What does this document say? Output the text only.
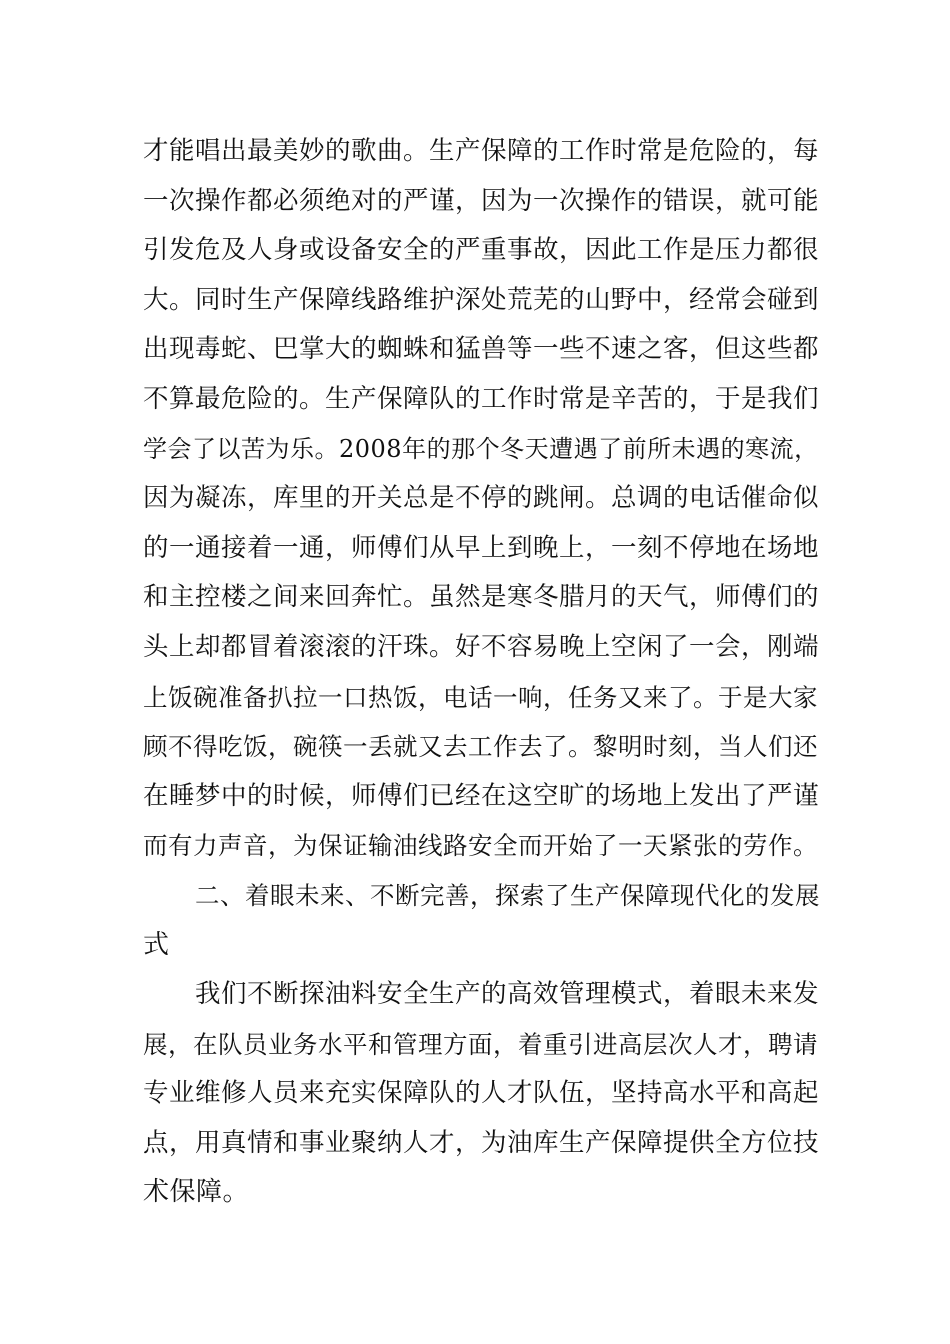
才能唱出最美妙的歌曲。生产保障的工作时常是危险的，每
一次操作都必须绝对的严谨，因为一次操作的错误，就可能
引发危及人身或设备安全的严重事故，因此工作是压力都很
大。同时生产保障线路维护深处荒芜的山野中，经常会碰到
出现毒蛇、巴掌大的蜘蛛和猛兽等一些不速之客，但这些都
不算最危险的。生产保障队的工作时常是辛苦的，于是我们
学会了以苦为乐。2008年的那个冬天遭遇了前所未遇的寒流，
因为凝冻，库里的开关总是不停的跳闸。总调的电话催命似
的一通接着一通，师傅们从早上到晚上，一刻不停地在场地
和主控楼之间来回奔忙。虽然是寒冬腊月的天气，师傅们的
头上却都冒着滚滚的汗珠。好不容易晚上空闲了一会，刚端
上饭碗准备扒拉一口热饭，电话一响，任务又来了。于是大家
顾不得吃饭，碗筷一丢就又去工作去了。黎明时刻，当人们还
在睡梦中的时候，师傅们已经在这空旷的场地上发出了严谨
而有力声音，为保证输油线路安全而开始了一天紧张的劳作。
二、着眼未来、不断完善，探索了生产保障现代化的发展
式
我们不断探油料安全生产的高效管理模式，着眼未来发
展，在队员业务水平和管理方面，着重引进高层次人才，聘请
专业维修人员来充实保障队的人才队伍，坚持高水平和高起
点，用真情和事业聚纳人才，为油库生产保障提供全方位技
术保障。
